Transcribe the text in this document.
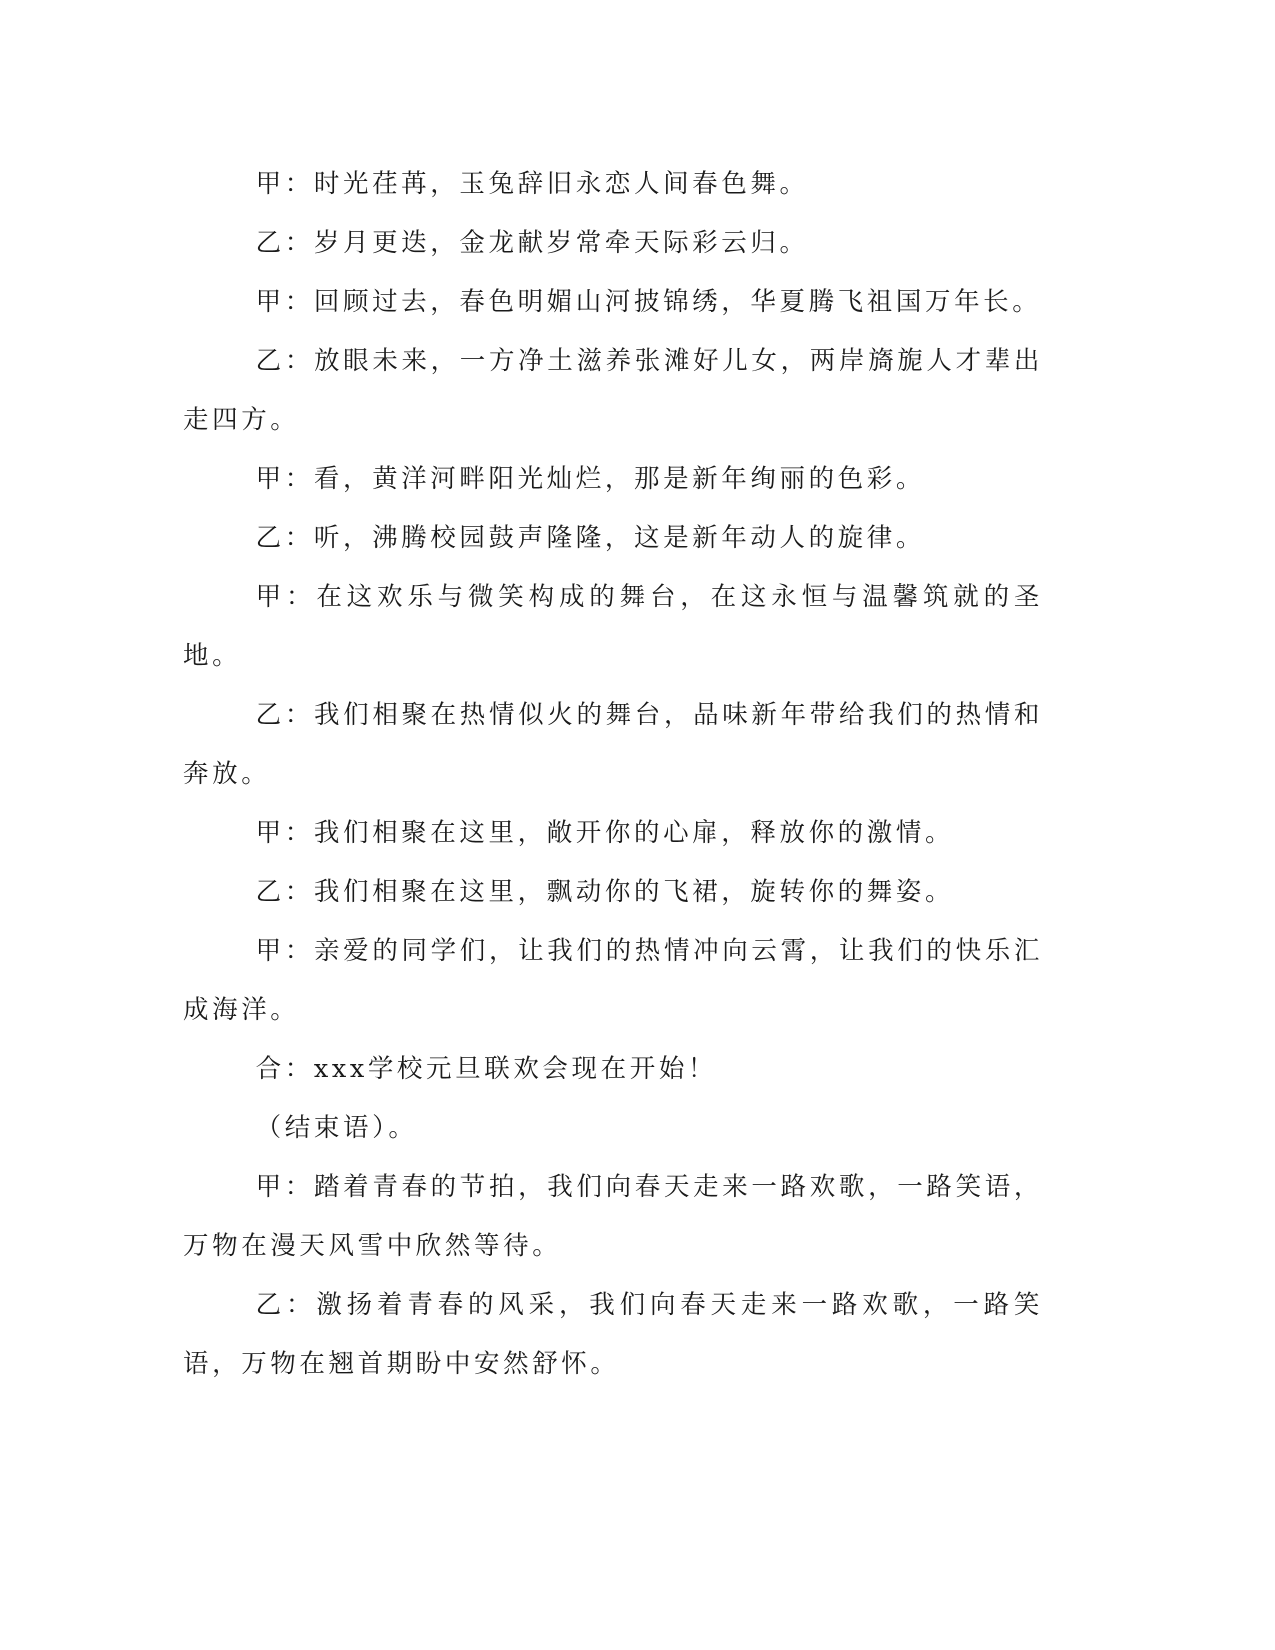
甲：时光荏苒，玉兔辞旧永恋人间春色舞。

乙：岁月更迭，金龙献岁常牵天际彩云归。

甲：回顾过去，春色明媚山河披锦绣，华夏腾飞祖国万年长。

乙：放眼未来，一方净土滋养张滩好儿女，两岸旖旎人才辈出走四方。

甲：看，黄洋河畔阳光灿烂，那是新年绚丽的色彩。

乙：听，沸腾校园鼓声隆隆，这是新年动人的旋律。

甲：在这欢乐与微笑构成的舞台，在这永恒与温馨筑就的圣地。

乙：我们相聚在热情似火的舞台，品味新年带给我们的热情和奔放。

甲：我们相聚在这里，敞开你的心扉，释放你的激情。

乙：我们相聚在这里，飘动你的飞裙，旋转你的舞姿。

甲：亲爱的同学们，让我们的热情冲向云霄，让我们的快乐汇成海洋。

合：xxx学校元旦联欢会现在开始！

（结束语）。

甲：踏着青春的节拍，我们向春天走来一路欢歌，一路笑语，万物在漫天风雪中欣然等待。

乙：激扬着青春的风采，我们向春天走来一路欢歌，一路笑语，万物在翘首期盼中安然舒怀。
